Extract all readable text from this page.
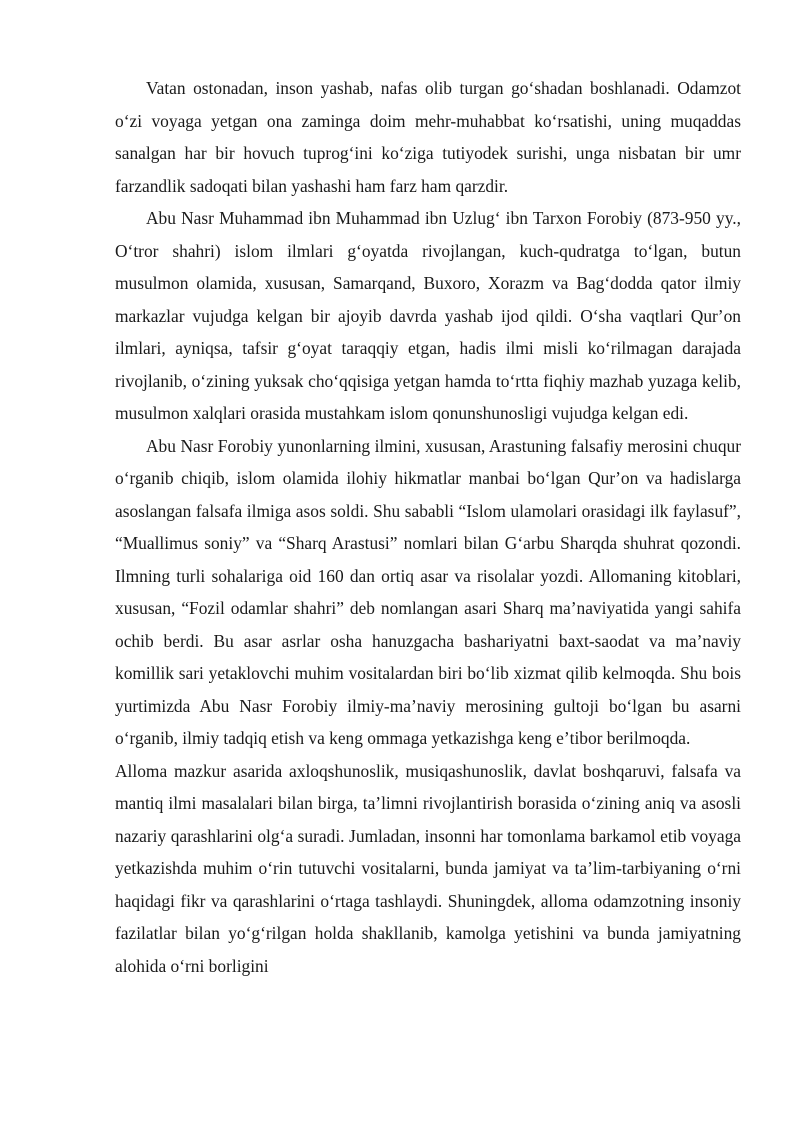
Vatan ostonadan, inson yashab, nafas olib turgan goʻshadan boshlanadi. Odamzot oʻzi voyaga yetgan ona zaminga doim mehr-muhabbat koʻrsatishi, uning muqaddas sanalgan har bir hovuch tuprogʻini koʻziga tutiyodek surishi, unga nisbatan bir umr farzandlik sadoqati bilan yashashi ham farz ham qarzdir.

Abu Nasr Muhammad ibn Muhammad ibn Uzlugʻ ibn Tarxon Forobiy (873-950 yy., Oʻtror shahri) islom ilmlari gʻoyatda rivojlangan, kuch-qudratga toʻlgan, butun musulmon olamida, xususan, Samarqand, Buxoro, Xorazm va Bagʻdodda qator ilmiy markazlar vujudga kelgan bir ajoyib davrda yashab ijod qildi. Oʻsha vaqtlari Qurʼon ilmlari, ayniqsa, tafsir gʻoyat taraqqiy etgan, hadis ilmi misli koʻrilmagan darajada rivojlanib, oʻzining yuksak choʻqqisiga yetgan hamda toʻrtta fiqhiy mazhab yuzaga kelib, musulmon xalqlari orasida mustahkam islom qonunshunosligi vujudga kelgan edi.

Abu Nasr Forobiy yunonlarning ilmini, xususan, Arastuning falsafiy merosini chuqur oʻrganib chiqib, islom olamida ilohiy hikmatlar manbai boʻlgan Qurʼon va hadislarga asoslangan falsafa ilmiga asos soldi. Shu sababli “Islom ulamolari orasidagi ilk faylasuf”, “Muallimus soniy” va “Sharq Arastusi” nomlari bilan Gʻarbu Sharqda shuhrat qozondi. Ilmning turli sohalariga oid 160 dan ortiq asar va risolalar yozdi. Allomaning kitoblari, xususan, “Fozil odamlar shahri” deb nomlangan asari Sharq maʼnaviyatida yangi sahifa ochib berdi. Bu asar asrlar osha hanuzgacha bashariyatni baxt-saodat va maʼnaviy komillik sari yetaklovchi muhim vositalardan biri boʻlib xizmat qilib kelmoqda. Shu bois yurtimizda Abu Nasr Forobiy ilmiy-maʼnaviy merosining gultoji boʻlgan bu asarni oʻrganib, ilmiy tadqiq etish va keng ommaga yetkazishga keng eʼtibor berilmoqda.

Alloma mazkur asarida axloqshunoslik, musiqashunoslik, davlat boshqaruvi, falsafa va mantiq ilmi masalalari bilan birga, taʼlimni rivojlantirish borasida oʻzining aniq va asosli nazariy qarashlarini olgʻa suradi. Jumladan, insonni har tomonlama barkamol etib voyaga yetkazishda muhim oʻrin tutuvchi vositalarni, bunda jamiyat va taʼlim-tarbiyaning oʻrni haqidagi fikr va qarashlarini oʻrtaga tashlaydi. Shuningdek, alloma odamzotning insoniy fazilatlar bilan yoʻgʻrilgan holda shakllanib, kamolga yetishini va bunda jamiyatning alohida oʻrni borligini
